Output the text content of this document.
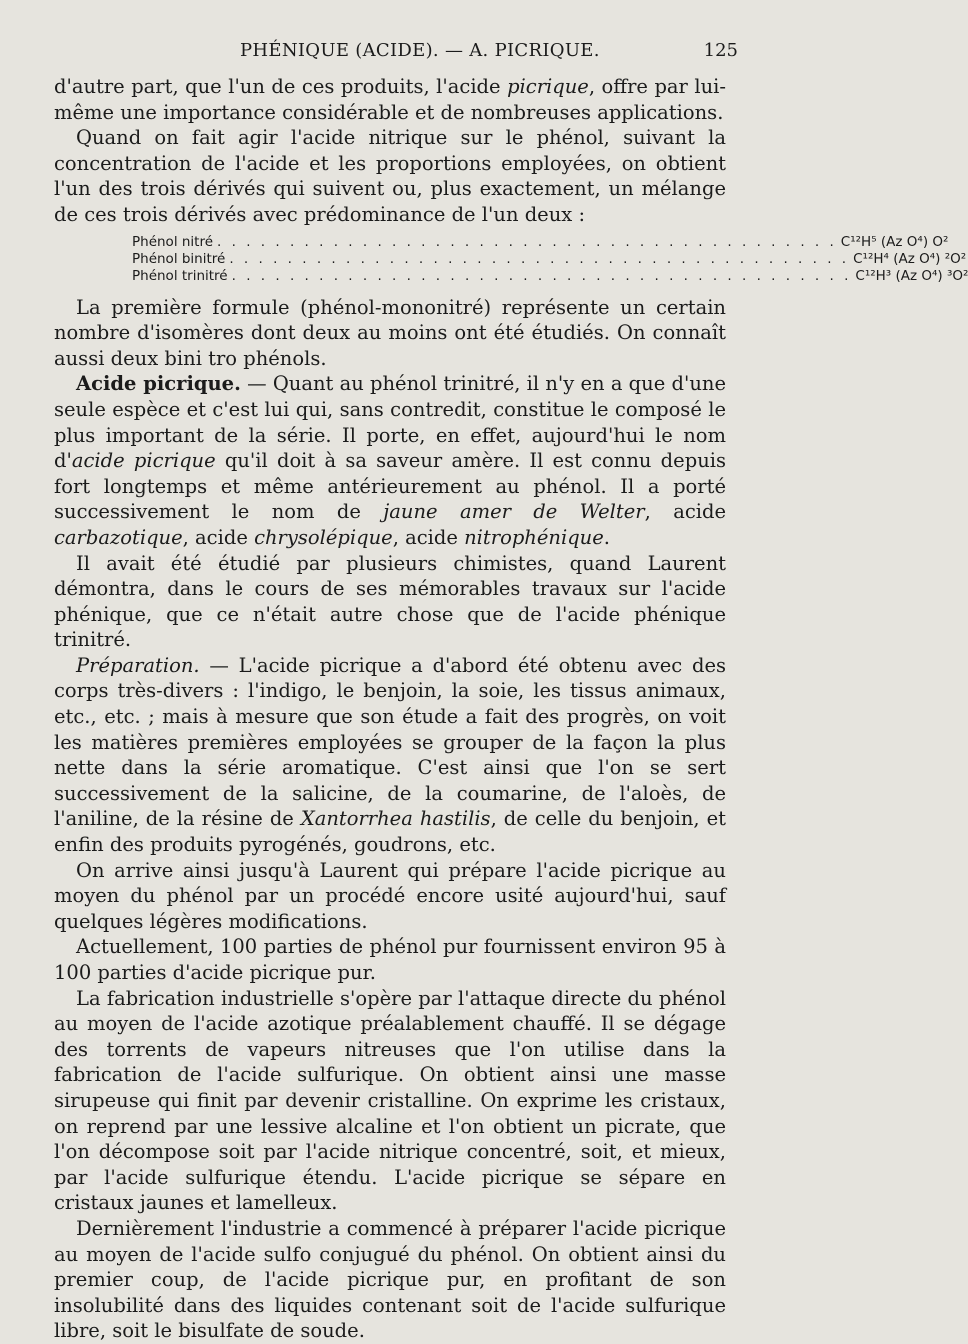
PHÉNIQUE (ACIDE). — A. PICRIQUE.	125

d'autre part, que l'un de ces produits, l'acide picrique, offre par lui-même une importance considérable et de nombreuses applications.

Quand on fait agir l'acide nitrique sur le phénol, suivant la concentration de l'acide et les proportions employées, on obtient l'un des trois dérivés qui suivent ou, plus exactement, un mélange de ces trois dérivés avec prédominance de l'un deux :

Phénol nitré . . . . . . . . . . . . . . . . . . . . . . . . . . . . . . . . . . . . . . . . . . . C¹²H⁵ (Az O⁴) O²
Phénol binitré . . . . . . . . . . . . . . . . . . . . . . . . . . . . . . . . . . . . . . . . . . . C¹²H⁴ (Az O⁴) ²O²
Phénol trinitré . . . . . . . . . . . . . . . . . . . . . . . . . . . . . . . . . . . . . . . . . . . C¹²H³ (Az O⁴) ³O²

La première formule (phénol-mononitré) représente un certain nombre d'isomères dont deux au moins ont été étudiés. On connaît aussi deux bini tro phénols.

Acide picrique. — Quant au phénol trinitré, il n'y en a que d'une seule espèce et c'est lui qui, sans contredit, constitue le composé le plus important de la série. Il porte, en effet, aujourd'hui le nom d'acide picrique qu'il doit à sa saveur amère. Il est connu depuis fort longtemps et même antérieurement au phénol. Il a porté successivement le nom de jaune amer de Welter, acide carbazotique, acide chrysolépique, acide nitrophénique.

Il avait été étudié par plusieurs chimistes, quand Laurent démontra, dans le cours de ses mémorables travaux sur l'acide phénique, que ce n'était autre chose que de l'acide phénique trinitré.

Préparation. — L'acide picrique a d'abord été obtenu avec des corps très-divers : l'indigo, le benjoin, la soie, les tissus animaux, etc., etc. ; mais à mesure que son étude a fait des progrès, on voit les matières premières employées se grouper de la façon la plus nette dans la série aromatique. C'est ainsi que l'on se sert successivement de la salicine, de la coumarine, de l'aloès, de l'aniline, de la résine de Xantorrhea hastilis, de celle du benjoin, et enfin des produits pyrogénés, goudrons, etc.

On arrive ainsi jusqu'à Laurent qui prépare l'acide picrique au moyen du phénol par un procédé encore usité aujourd'hui, sauf quelques légères modifications.

Actuellement, 100 parties de phénol pur fournissent environ 95 à 100 parties d'acide picrique pur.

La fabrication industrielle s'opère par l'attaque directe du phénol au moyen de l'acide azotique préalablement chauffé. Il se dégage des torrents de vapeurs nitreuses que l'on utilise dans la fabrication de l'acide sulfurique. On obtient ainsi une masse sirupeuse qui finit par devenir cristalline. On exprime les cristaux, on reprend par une lessive alcaline et l'on obtient un picrate, que l'on décompose soit par l'acide nitrique concentré, soit, et mieux, par l'acide sulfurique étendu. L'acide picrique se sépare en cristaux jaunes et lamelleux.

Dernièrement l'industrie a commencé à préparer l'acide picrique au moyen de l'acide sulfo conjugué du phénol. On obtient ainsi du premier coup, de l'acide picrique pur, en profitant de son insolubilité dans des liquides contenant soit de l'acide sulfurique libre, soit le bisulfate de soude.
